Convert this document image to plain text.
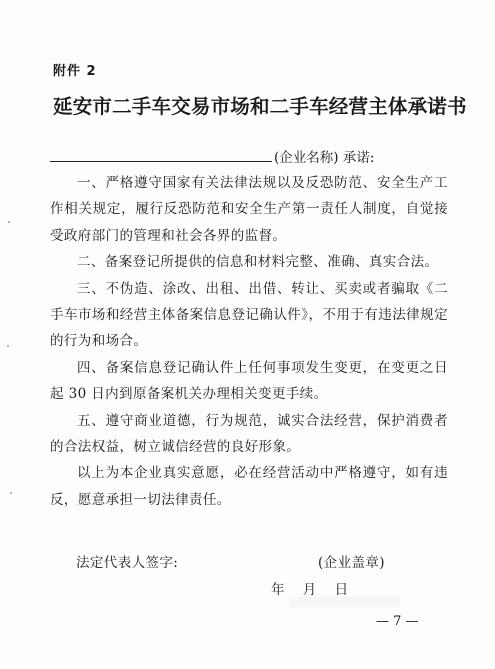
附件 2
延安市二手车交易市场和二手车经营主体承诺书
(企业名称) 承诺:

一、严格遵守国家有关法律法规以及反恐防范、安全生产工作相关规定，履行反恐防范和安全生产第一责任人制度，自觉接受政府部门的管理和社会各界的监督。

二、备案登记所提供的信息和材料完整、准确、真实合法。

三、不伪造、涂改、出租、出借、转让、买卖或者骗取《二手车市场和经营主体备案信息登记确认件》，不用于有违法律规定的行为和场合。

四、备案信息登记确认件上任何事项发生变更，在变更之日起 30 日内到原备案机关办理相关变更手续。

五、遵守商业道德，行为规范，诚实合法经营，保护消费者的合法权益，树立诚信经营的良好形象。

以上为本企业真实意愿，必在经营活动中严格遵守，如有违反，愿意承担一切法律责任。

法定代表人签字:	(企业盖章)
年 月 日
— 7 —
